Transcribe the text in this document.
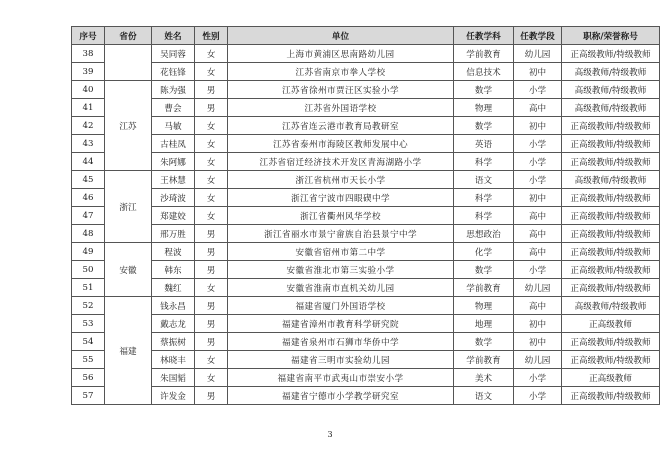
序号	省份	姓名	性别	单位	任教学科	任教学段	职称/荣誉称号
38		吴同蓉	女	上海市黄浦区思南路幼儿园	学前教育	幼儿园	正高级教师/特级教师
39		花钰锋	女	江苏省南京市拳人学校	信息技术	初中	高级教师/特级教师
40	江苏	陈为强	男	江苏省徐州市贾汪区实验小学	数学	小学	高级教师/特级教师
41		曹会	男	江苏省外国语学校	物理	高中	高级教师/特级教师
42		马敏	女	江苏省连云港市教育局教研室	数学	初中	正高级教师/特级教师
43		古桂凤	女	江苏省泰州市海陵区教师发展中心	英语	小学	正高级教师/特级教师
44		朱阿娜	女	江苏省宿迁经济技术开发区青海湖路小学	科学	小学	正高级教师/特级教师
45	浙江	王林慧	女	浙江省杭州市天长小学	语文	小学	高级教师/特级教师
46		沙琦波	女	浙江省宁波市四眼碶中学	科学	初中	正高级教师/特级教师
47		郑建姣	女	浙江省衢州风华学校	科学	高中	正高级教师/特级教师
48		邢万胜	男	浙江省丽水市景宁畲族自治县景宁中学	思想政治	高中	正高级教师/特级教师
49	安徽	程波	男	安徽省宿州市第二中学	化学	高中	正高级教师/特级教师
50		韩东	男	安徽省淮北市第三实验小学	数学	小学	正高级教师/特级教师
51		魏红	女	安徽省淮南市直机关幼儿园	学前教育	幼儿园	正高级教师/特级教师
52	福建	钱永昌	男	福建省厦门外国语学校	物理	高中	高级教师/特级教师
53		戴志龙	男	福建省漳州市教育科学研究院	地理	初中	正高级教师
54		蔡振树	男	福建省泉州市石狮市华侨中学	数学	初中	正高级教师/特级教师
55		林晓丰	女	福建省三明市实验幼儿园	学前教育	幼儿园	正高级教师/特级教师
56		朱国韬	女	福建省南平市武夷山市崇安小学	美术	小学	正高级教师
57		许发金	男	福建省宁德市小学教学研究室	语文	小学	正高级教师/特级教师
3
